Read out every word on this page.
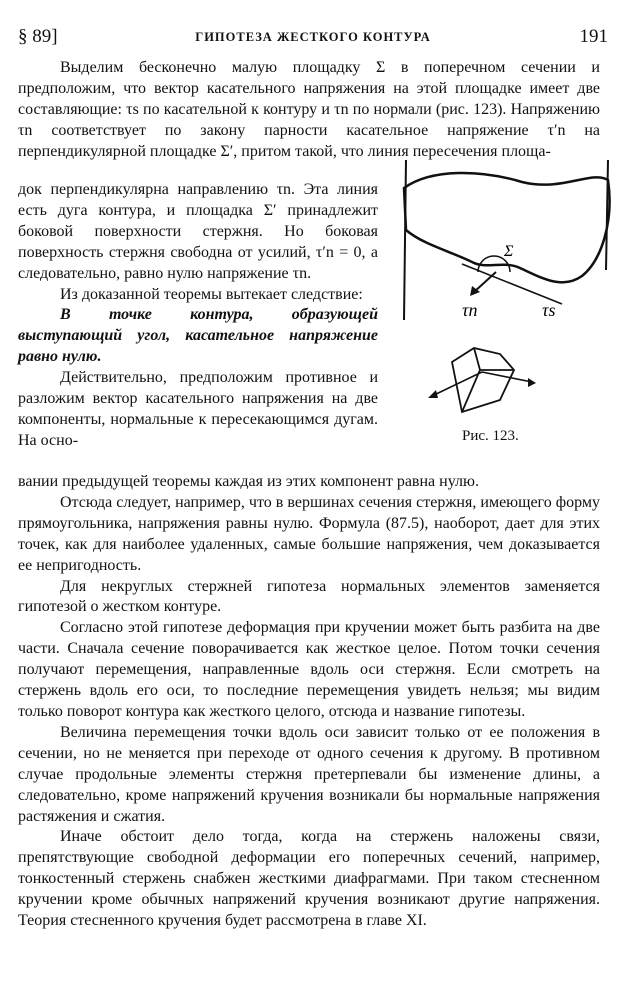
§ 89]	ГИПОТЕЗА ЖЕСТКОГО КОНТУРА	191

Выделим бесконечно малую площадку Σ в поперечном сечении и предположим, что вектор касательного напряжения на этой площадке имеет две составляющие: τs по касательной к контуру и τn по нормали (рис. 123). Напряжению τn соответствует по закону парности касательное напряжение τ′n на перпендикулярной площадке Σ′, притом такой, что линия пересечения площа-

док перпендикулярна направлению τn. Эта линия есть дуга контура, и площадка Σ′ принадлежит боковой поверхности стержня. Но боковая поверхность стержня свободна от усилий, τ′n = 0, а следовательно, равно нулю напряжение τn.

Из доказанной теоремы вытекает следствие:

В точке контура, образующей выступающий угол, касательное напряжение равно нулю.

Действительно, предположим противное и разложим вектор касательного напряжения на две компоненты, нормальные к пересекающимся дугам. На осно-

вании предыдущей теоремы каждая из этих компонент равна нулю.

Отсюда следует, например, что в вершинах сечения стержня, имеющего форму прямоугольника, напряжения равны нулю. Формула (87.5), наоборот, дает для этих точек, как для наиболее удаленных, самые большие напряжения, чем доказывается ее непригодность.

Для некруглых стержней гипотеза нормальных элементов заменяется гипотезой о жестком контуре.

Согласно этой гипотезе деформация при кручении может быть разбита на две части. Сначала сечение поворачивается как жесткое целое. Потом точки сечения получают перемещения, направленные вдоль оси стержня. Если смотреть на стержень вдоль его оси, то последние перемещения увидеть нельзя; мы видим только поворот контура как жесткого целого, отсюда и название гипотезы.

Величина перемещения точки вдоль оси зависит только от ее положения в сечении, но не меняется при переходе от одного сечения к другому. В противном случае продольные элементы стержня претерпевали бы изменение длины, а следовательно, кроме напряжений кручения возникали бы нормальные напряжения растяжения и сжатия.

Иначе обстоит дело тогда, когда на стержень наложены связи, препятствующие свободной деформации его поперечных сечений, например, тонкостенный стержень снабжен жесткими диафрагмами. При таком стесненном кручении кроме обычных напряжений кручения возникают другие напряжения. Теория стесненного кручения будет рассмотрена в главе XI.

Σ
τn	τs
Рис. 123.
